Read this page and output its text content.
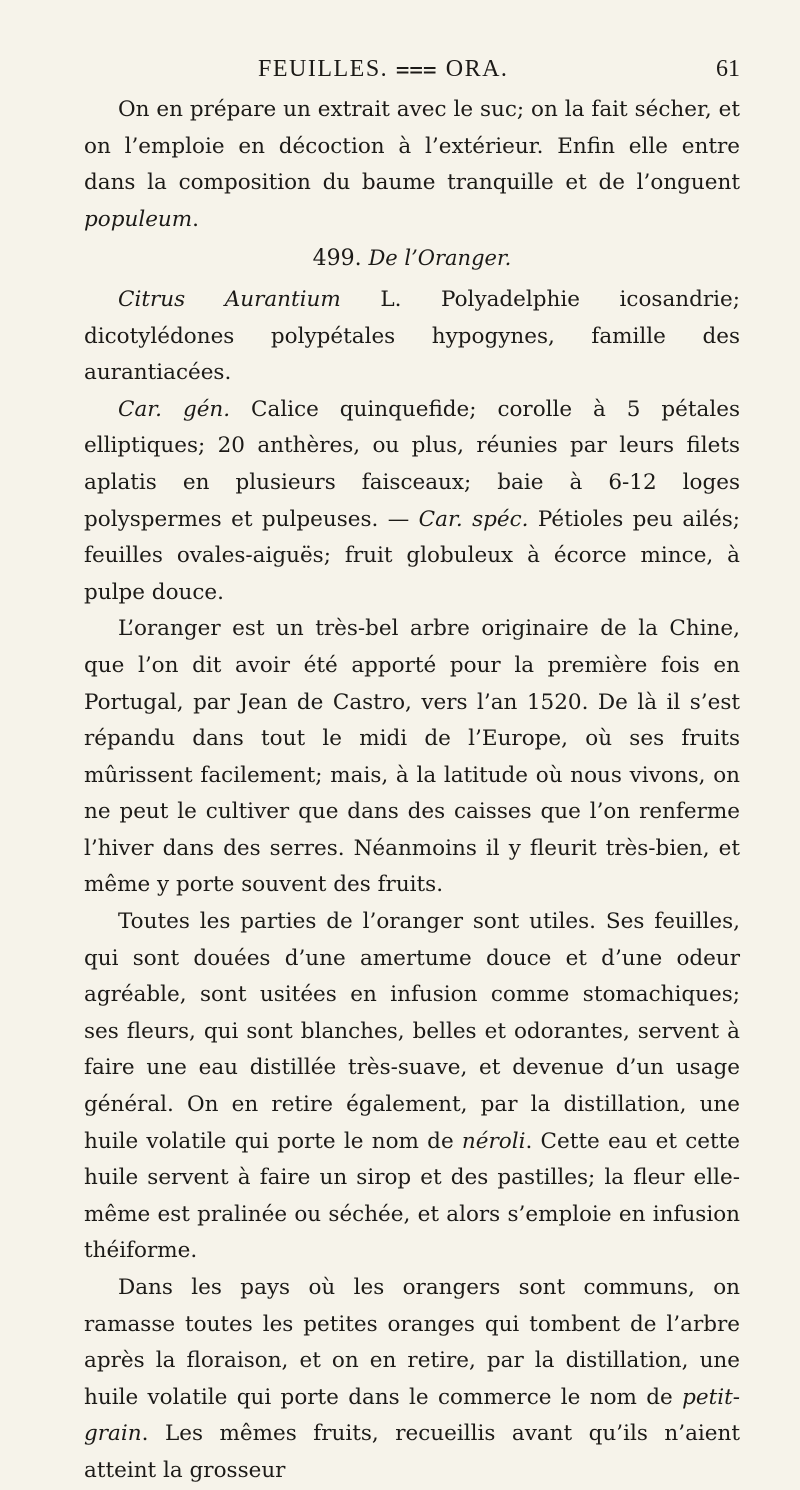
FEUILLES. ⩶ ORA.	61

On en prépare un extrait avec le suc; on la fait sécher, et on l’emploie en décoction à l’extérieur. Enfin elle entre dans la composition du baume tranquille et de l’onguent populeum.

499. De l’Oranger.

Citrus Aurantium L. Polyadelphie icosandrie; dicotylédones polypétales hypogynes, famille des aurantiacées.

Car. gén. Calice quinquefide; corolle à 5 pétales elliptiques; 20 anthères, ou plus, réunies par leurs filets aplatis en plusieurs faisceaux; baie à 6-12 loges polyspermes et pulpeuses. — Car. spéc. Pétioles peu ailés; feuilles ovales-aiguës; fruit globuleux à écorce mince, à pulpe douce.

L’oranger est un très-bel arbre originaire de la Chine, que l’on dit avoir été apporté pour la première fois en Portugal, par Jean de Castro, vers l’an 1520. De là il s’est répandu dans tout le midi de l’Europe, où ses fruits mûrissent facilement; mais, à la latitude où nous vivons, on ne peut le cultiver que dans des caisses que l’on renferme l’hiver dans des serres. Néanmoins il y fleurit très-bien, et même y porte souvent des fruits.

Toutes les parties de l’oranger sont utiles. Ses feuilles, qui sont douées d’une amertume douce et d’une odeur agréable, sont usitées en infusion comme stomachiques; ses fleurs, qui sont blanches, belles et odorantes, servent à faire une eau distillée très-suave, et devenue d’un usage général. On en retire également, par la distillation, une huile volatile qui porte le nom de néroli. Cette eau et cette huile servent à faire un sirop et des pastilles; la fleur elle-même est pralinée ou séchée, et alors s’emploie en infusion théiforme.

Dans les pays où les orangers sont communs, on ramasse toutes les petites oranges qui tombent de l’arbre après la floraison, et on en retire, par la distillation, une huile volatile qui porte dans le commerce le nom de petit-grain. Les mêmes fruits, recueillis avant qu’ils n’aient atteint la grosseur
